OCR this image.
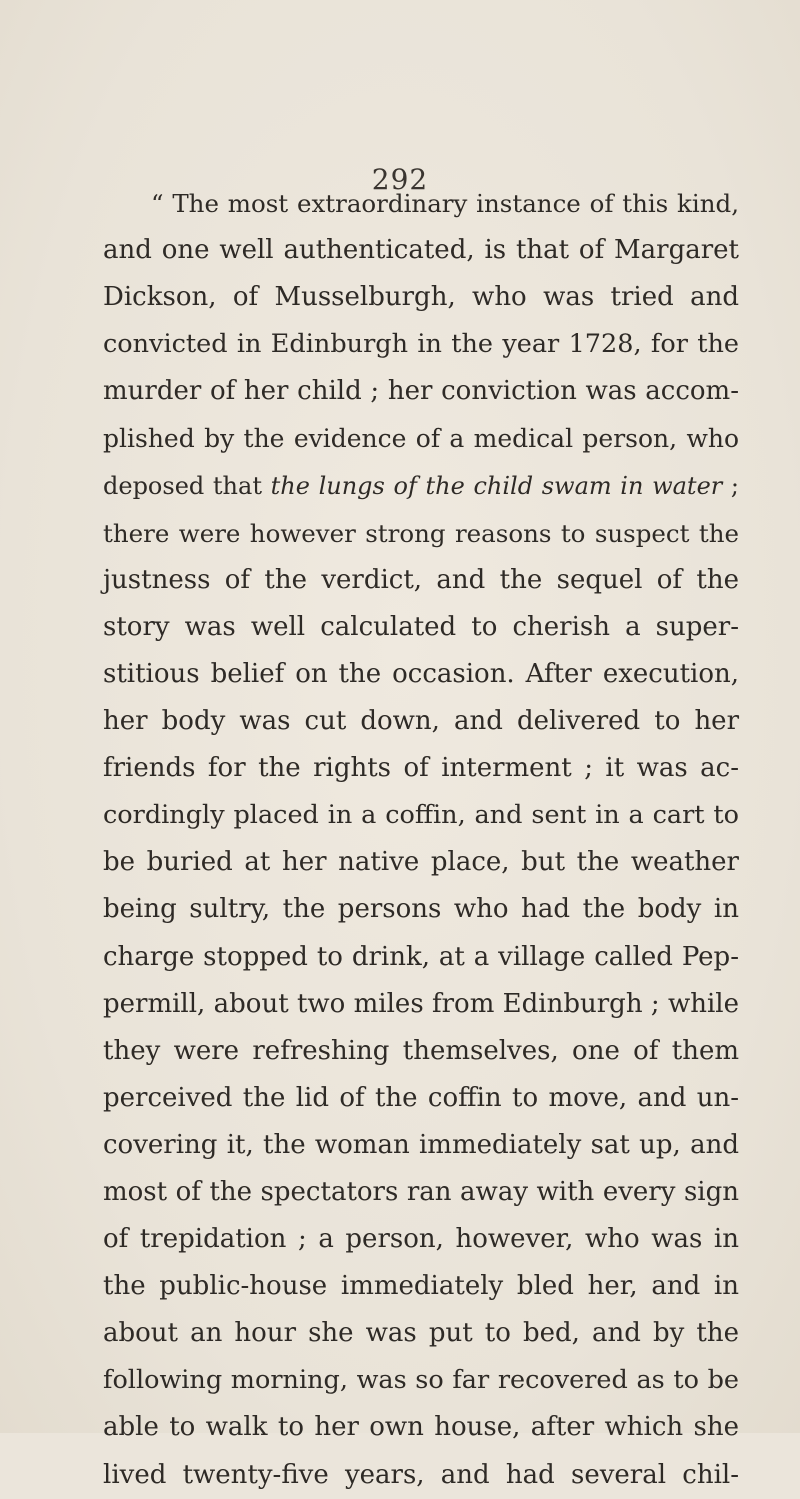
292
“ The most extraordinary instance of this kind,
and one well authenticated, is that of Margaret
Dickson, of Musselburgh, who was tried and
convicted in Edinburgh in the year 1728, for the
murder of her child ; her conviction was accom-
plished by the evidence of a medical person, who
deposed that the lungs of the child swam in water ;
there were however strong reasons to suspect the
justness of the verdict, and the sequel of the
story was well calculated to cherish a super-
stitious belief on the occasion. After execution,
her body was cut down, and delivered to her
friends for the rights of interment ; it was ac-
cordingly placed in a coffin, and sent in a cart to
be buried at her native place, but the weather
being sultry, the persons who had the body in
charge stopped to drink, at a village called Pep-
permill, about two miles from Edinburgh ; while
they were refreshing themselves, one of them
perceived the lid of the coffin to move, and un-
covering it, the woman immediately sat up, and
most of the spectators ran away with every sign
of trepidation ; a person, however, who was in
the public-house immediately bled her, and in
about an hour she was put to bed, and by the
following morning, was so far recovered as to be
able to walk to her own house, after which she
lived twenty-five years, and had several chil-
